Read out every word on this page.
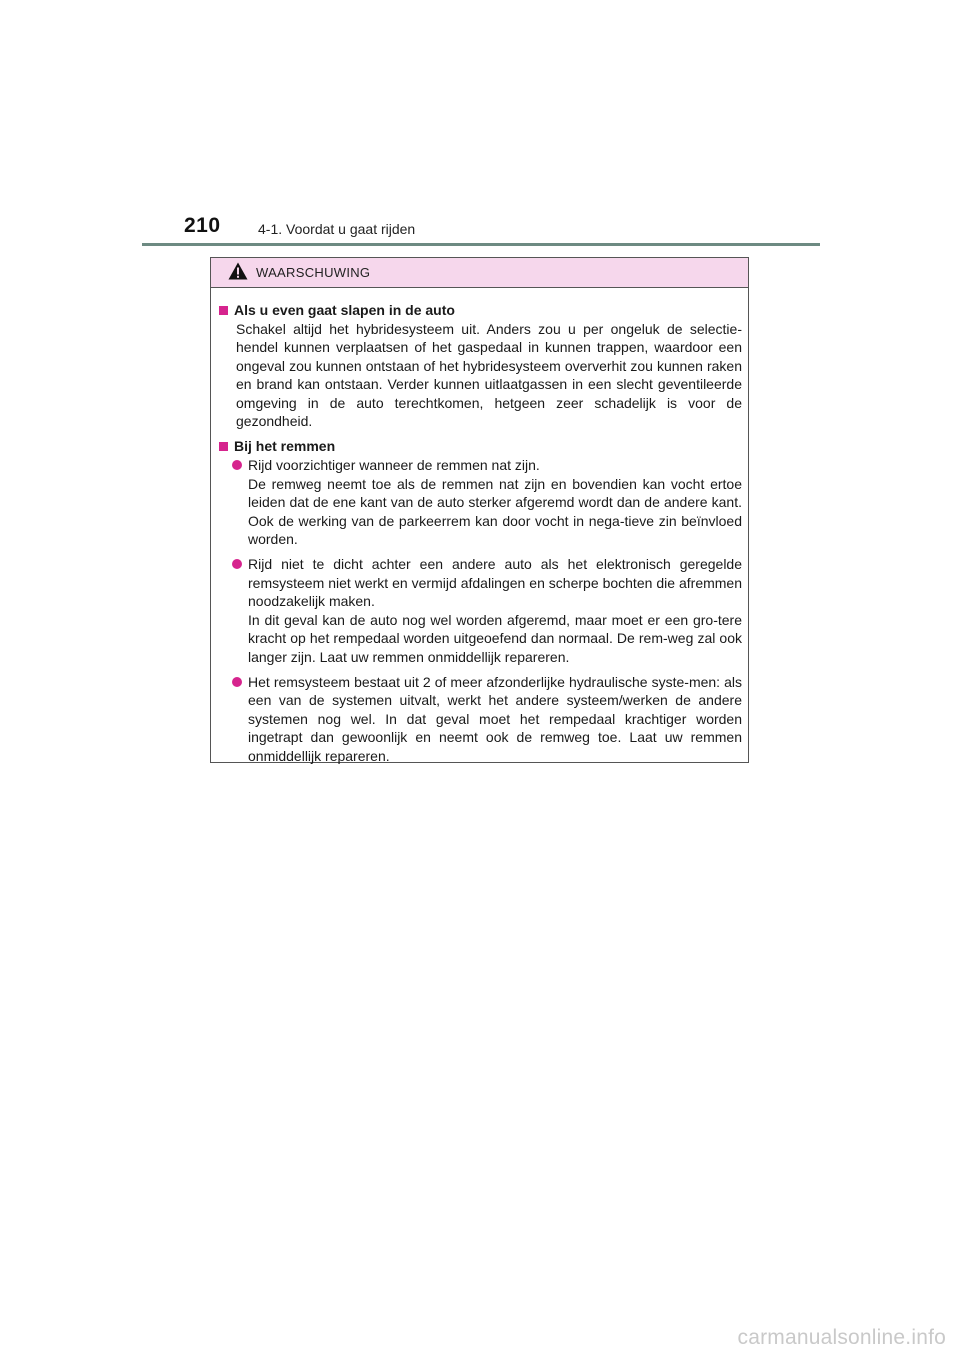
210	4-1. Voordat u gaat rijden
WAARSCHUWING
Als u even gaat slapen in de auto

Schakel altijd het hybridesysteem uit. Anders zou u per ongeluk de selectie-hendel kunnen verplaatsen of het gaspedaal in kunnen trappen, waardoor een ongeval zou kunnen ontstaan of het hybridesysteem oververhit zou kunnen raken en brand kan ontstaan. Verder kunnen uitlaatgassen in een slecht geventileerde omgeving in de auto terechtkomen, hetgeen zeer schadelijk is voor de gezondheid.

Bij het remmen
Rijd voorzichtiger wanneer de remmen nat zijn.
De remweg neemt toe als de remmen nat zijn en bovendien kan vocht ertoe leiden dat de ene kant van de auto sterker afgeremd wordt dan de andere kant. Ook de werking van de parkeerrem kan door vocht in nega-tieve zin beïnvloed worden.
Rijd niet te dicht achter een andere auto als het elektronisch geregelde remsysteem niet werkt en vermijd afdalingen en scherpe bochten die afremmen noodzakelijk maken.
In dit geval kan de auto nog wel worden afgeremd, maar moet er een gro-tere kracht op het rempedaal worden uitgeoefend dan normaal. De rem-weg zal ook langer zijn. Laat uw remmen onmiddellijk repareren.
Het remsysteem bestaat uit 2 of meer afzonderlijke hydraulische syste-men: als een van de systemen uitvalt, werkt het andere systeem/werken de andere systemen nog wel. In dat geval moet het rempedaal krachtiger worden ingetrapt dan gewoonlijk en neemt ook de remweg toe. Laat uw remmen onmiddellijk repareren.
carmanualsonline.info
